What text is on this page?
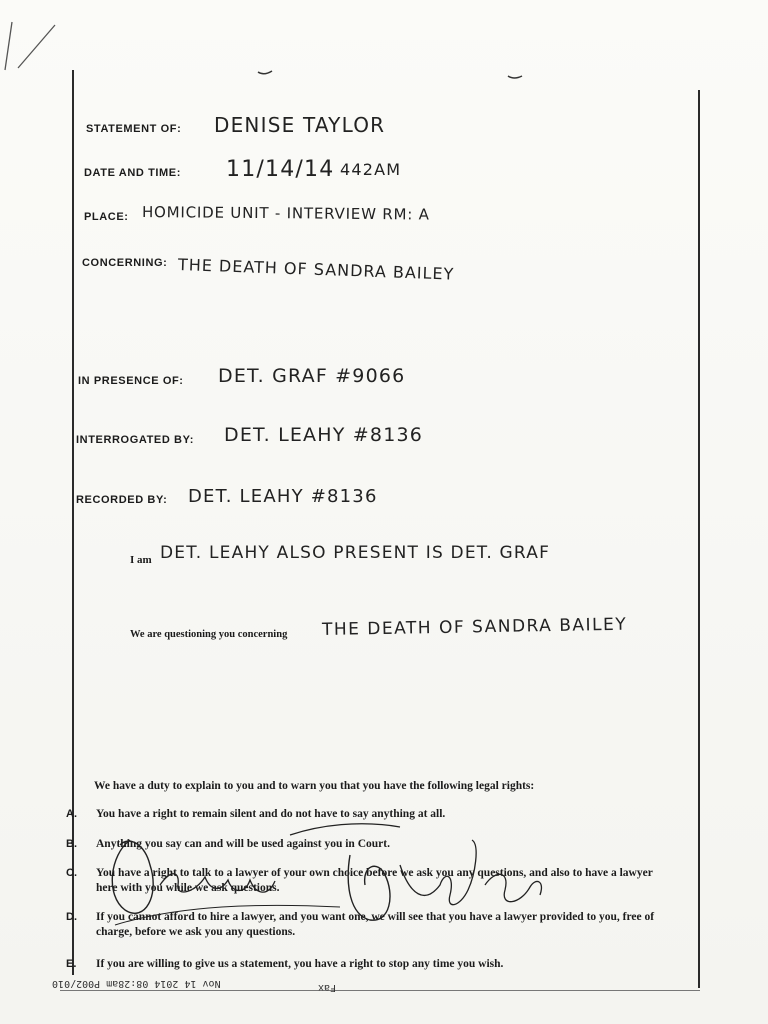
STATEMENT OF: DENISE TAYLOR
DATE AND TIME: 11/14/14 442AM
PLACE: HOMICIDE UNIT - INTERVIEW RM: A
CONCERNING: THE DEATH OF SANDRA BAILEY
IN PRESENCE OF: DET. GRAF #9066
INTERROGATED BY: DET. LEAHY #8136
RECORDED BY: DET. LEAHY #8136
I am DET. LEAHY ALSO PRESENT IS DET. GRAF
We are questioning you concerning THE DEATH OF SANDRA BAILEY
We have a duty to explain to you and to warn you that you have the following legal rights:
A.	You have a right to remain silent and do not have to say anything at all.
B.	Anything you say can and will be used against you in Court.
C.	You have a right to talk to a lawyer of your own choice before we ask you any questions, and also to have a lawyer here with you while we ask questions.
D.	If you cannot afford to hire a lawyer, and you want one, we will see that you have a lawyer provided to you, free of charge, before we ask you any questions.
E.	If you are willing to give us a statement, you have a right to stop any time you wish.
Nov 14 2014 08:28am P002/010	Fax
